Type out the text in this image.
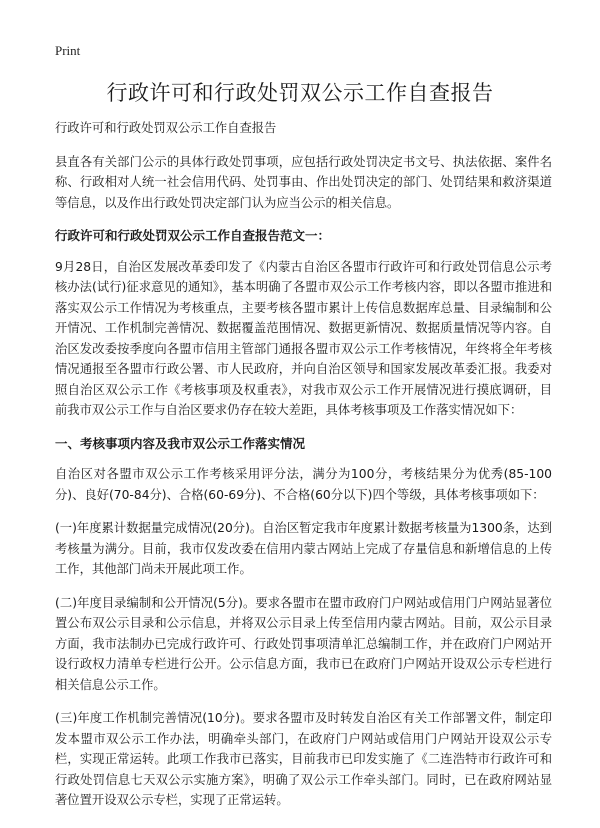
Print
行政许可和行政处罚双公示工作自查报告

行政许可和行政处罚双公示工作自查报告

县直各有关部门公示的具体行政处罚事项，应包括行政处罚决定书文号、执法依据、案件名称、行政相对人统一社会信用代码、处罚事由、作出处罚决定的部门、处罚结果和救济渠道等信息，以及作出行政处罚决定部门认为应当公示的相关信息。

行政许可和行政处罚双公示工作自查报告范文一：

9月28日，自治区发展改革委印发了《内蒙古自治区各盟市行政许可和行政处罚信息公示考核办法(试行)征求意见的通知》，基本明确了各盟市双公示工作考核内容，即以各盟市推进和落实双公示工作情况为考核重点，主要考核各盟市累计上传信息数据库总量、目录编制和公开情况、工作机制完善情况、数据覆盖范围情况、数据更新情况、数据质量情况等内容。自治区发改委按季度向各盟市信用主管部门通报各盟市双公示工作考核情况，年终将全年考核情况通报至各盟市行政公署、市人民政府，并向自治区领导和国家发展改革委汇报。我委对照自治区双公示工作《考核事项及权重表》，对我市双公示工作开展情况进行摸底调研，目前我市双公示工作与自治区要求仍存在较大差距，具体考核事项及工作落实情况如下：

一、考核事项内容及我市双公示工作落实情况

自治区对各盟市双公示工作考核采用评分法，满分为100分，考核结果分为优秀(85-100分)、良好(70-84分)、合格(60-69分)、不合格(60分以下)四个等级，具体考核事项如下：

(一)年度累计数据量完成情况(20分)。自治区暂定我市年度累计数据考核量为1300条，达到考核量为满分。目前，我市仅发改委在信用内蒙古网站上完成了存量信息和新增信息的上传工作，其他部门尚未开展此项工作。

(二)年度目录编制和公开情况(5分)。要求各盟市在盟市政府门户网站或信用门户网站显著位置公布双公示目录和公示信息，并将双公示目录上传至信用内蒙古网站。目前，双公示目录方面，我市法制办已完成行政许可、行政处罚事项清单汇总编制工作，并在政府门户网站开设行政权力清单专栏进行公开。公示信息方面，我市已在政府门户网站开设双公示专栏进行相关信息公示工作。

(三)年度工作机制完善情况(10分)。要求各盟市及时转发自治区有关工作部署文件，制定印发本盟市双公示工作办法，明确牵头部门，在政府门户网站或信用门户网站开设双公示专栏，实现正常运转。此项工作我市已落实，目前我市已印发实施了《二连浩特市行政许可和行政处罚信息七天双公示实施方案》，明确了双公示工作牵头部门。同时，已在政府网站显著位置开设双公示专栏，实现了正常运转。
